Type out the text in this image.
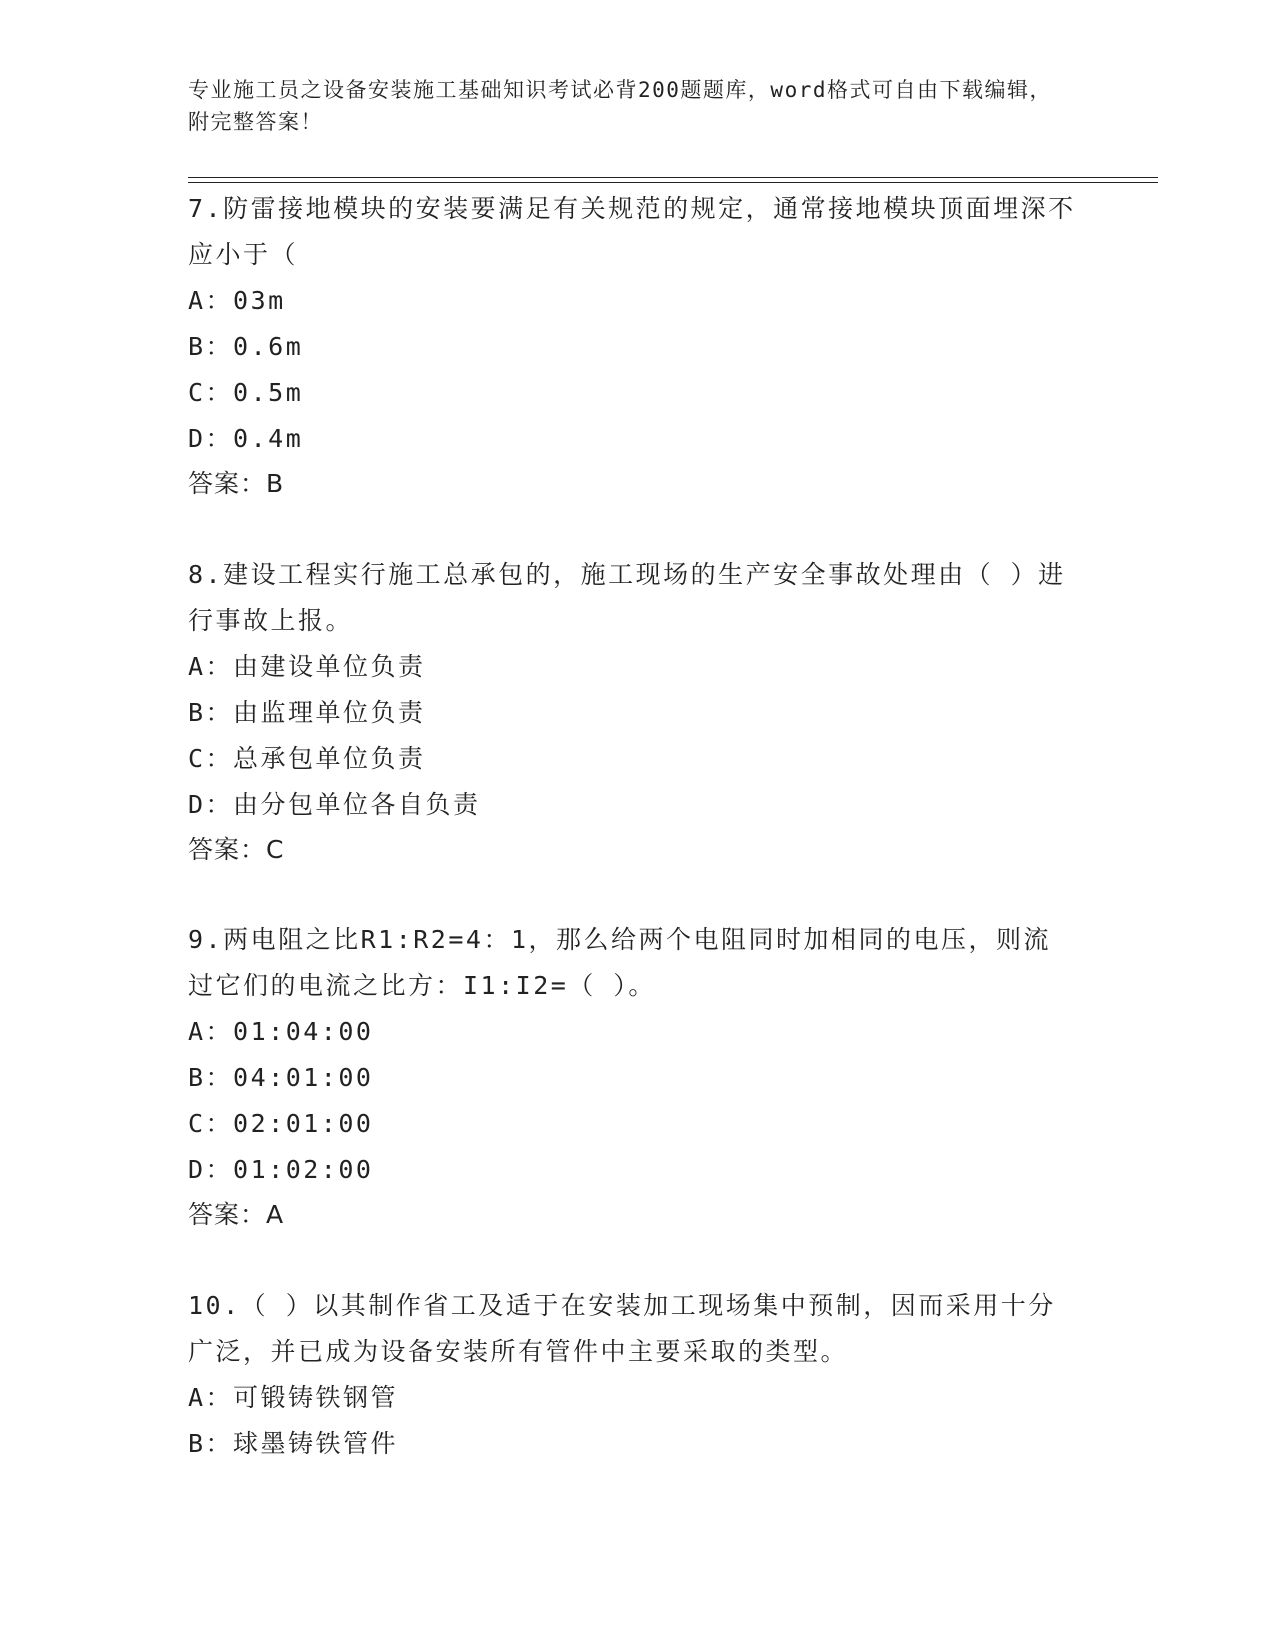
专业施工员之设备安装施工基础知识考试必背200题题库，word格式可自由下载编辑，附完整答案！

7.防雷接地模块的安装要满足有关规范的规定，通常接地模块顶面埋深不应小于（

A：03m

B：0.6m

C：0.5m

D：0.4m

答案：B

8.建设工程实行施工总承包的，施工现场的生产安全事故处理由（ ）进行事故上报。

A：由建设单位负责

B：由监理单位负责

C：总承包单位负责

D：由分包单位各自负责

答案：C

9.两电阻之比R1:R2=4：1，那么给两个电阻同时加相同的电压，则流过它们的电流之比方：I1:I2=（ ）。

A：01:04:00

B：04:01:00

C：02:01:00

D：01:02:00

答案：A

10.（ ）以其制作省工及适于在安装加工现场集中预制，因而采用十分广泛，并已成为设备安装所有管件中主要采取的类型。

A：可锻铸铁钢管

B：球墨铸铁管件
